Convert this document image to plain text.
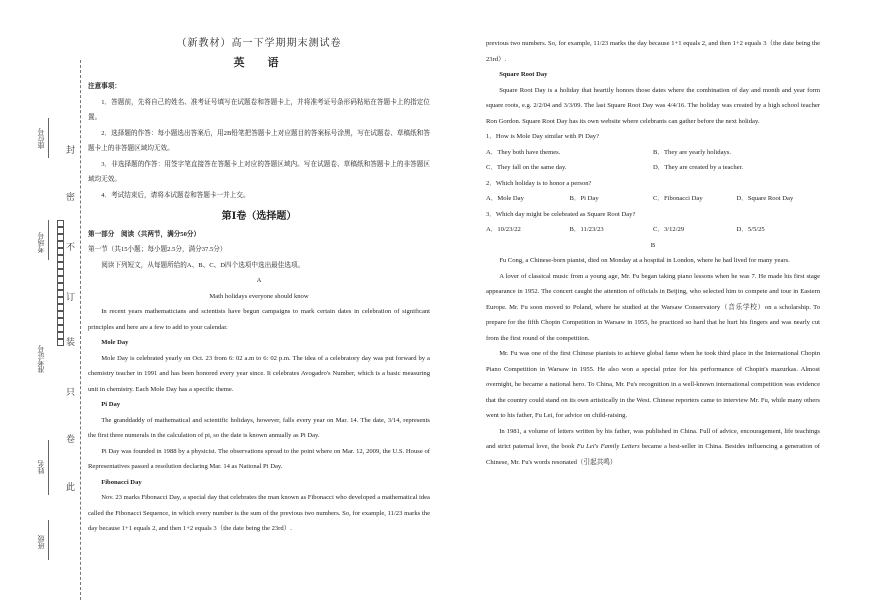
封
密
不
订
装
只
卷
此
座位号
考场号
准考证号
姓名
班级
（新教材）高一下学期期末测试卷
英　语
注意事项：

1．答题前，先将自己的姓名、准考证号填写在试题卷和答题卡上，并将准考证号条形码粘贴在答题卡上的指定位置。

2．选择题的作答：每小题选出答案后，用2B铅笔把答题卡上对应题目的答案标号涂黑，写在试题卷、草稿纸和答题卡上的非答题区域均无效。

3．非选择题的作答：用签字笔直接答在答题卡上对应的答题区域内。写在试题卷、草稿纸和答题卡上的非答题区域均无效。

4．考试结束后，请将本试题卷和答题卡一并上交。

第Ⅰ卷（选择题）

第一部分　阅读（共两节，满分50分）

第一节（共15小题；每小题2.5分，满分37.5分）

阅读下列短文，从每题所给的A、B、C、D四个选项中选出最佳选项。

A
Math holidays everyone should know

In recent years mathematicians and scientists have begun campaigns to mark certain dates in celebration of significant principles and here are a few to add to your calendar.

Mole Day

Mole Day is celebrated yearly on Oct. 23 from 6: 02 a.m to 6: 02 p.m. The idea of a celebratory day was put forward by a chemistry teacher in 1991 and has been honored every year since. It celebrates Avogadro's Number, which is a basic measuring unit in chemistry. Each Mole Day has a specific theme.

Pi Day

The granddaddy of mathematical and scientific holidays, however, falls every year on Mar. 14. The date, 3/14, represents the first three numerals in the calculation of pi, so the date is known annually as Pi Day.

Pi Day was founded in 1988 by a physicist. The observations spread to the point where on Mar. 12, 2009, the U.S. House of Representatives passed a resolution declaring Mar. 14 as National Pi Day.

Fibonacci Day

Nov. 23 marks Fibonacci Day, a special day that celebrates the man known as Fibonacci who developed a mathematical idea called the Fibonacci Sequence, in which every number is the sum of the previous two numbers. So, for example, 11/23 marks the day because 1+1 equals 2, and then 1+2 equals 3（the date being the 23rd）.

previous two numbers. So, for example, 11/23 marks the day because 1+1 equals 2, and then 1+2 equals 3（the date being the 23rd）.

Square Root Day

Square Root Day is a holiday that heartily honors those dates where the combination of day and month and year form square roots, e.g. 2/2/04 and 3/3/09. The last Square Root Day was 4/4/16. The holiday was created by a high school teacher Ron Gordon. Square Root Day has its own website where celebrants can gather before the next holiday.

1．How is Mole Day similar with Pi Day?

A．They both have themes.	B．They are yearly holidays.
C．They fall on the same day.	D．They are created by a teacher.

2．Which holiday is to honor a person?

A．Mole Day	B．Pi Day	C．Fibonacci Day	D．Square Root Day

3．Which day might be celebrated as Square Root Day?

A．10/23/22	B．11/23/23	C．3/12/29	D．5/5/25
B

Fu Cong, a Chinese-born pianist, died on Monday at a hospital in London, where he had lived for many years.

A lover of classical music from a young age, Mr. Fu began taking piano lessons when he was 7. He made his first stage appearance in 1952. The concert caught the attention of officials in Beijing, who selected him to compete and tour in Eastern Europe. Mr. Fu soon moved to Poland, where he studied at the Warsaw Conservatory（音乐学校）on a scholarship. To prepare for the fifth Chopin Competition in Warsaw in 1955, he practiced so hard that he hurt his fingers and was nearly cut from the first round of the competition.

Mr. Fu was one of the first Chinese pianists to achieve global fame when he took third place in the International Chopin Piano Competition in Warsaw in 1955. He also won a special prize for his performance of Chopin's mazurkas. Almost overnight, he became a national hero. To China, Mr. Fu's recognition in a well-known international competition was evidence that the country could stand on its own artistically in the West. Chinese reporters came to interview Mr. Fu, while many others went to his father, Fu Lei, for advice on child-raising.

In 1981, a volume of letters written by his father, was published in China. Full of advice, encouragement, life teachings and strict paternal love, the book Fu Lei's Family Letters became a best-seller in China. Besides influencing a generation of Chinese, Mr. Fu's words resonated（引起共鸣）
